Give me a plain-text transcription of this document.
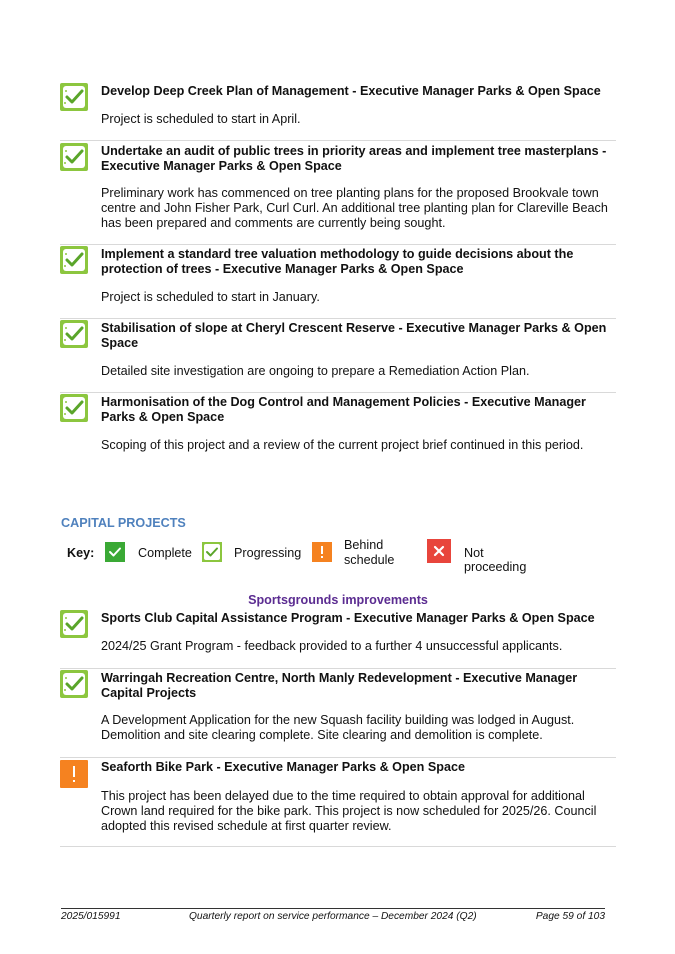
Develop Deep Creek Plan of Management - Executive Manager Parks & Open Space
Project is scheduled to start in April.
Undertake an audit of public trees in priority areas and implement tree masterplans - Executive Manager Parks & Open Space
Preliminary work has commenced on tree planting plans for the proposed Brookvale town centre and John Fisher Park, Curl Curl. An additional tree planting plan for Clareville Beach has been prepared and comments are currently being sought.
Implement a standard tree valuation methodology to guide decisions about the protection of trees - Executive Manager Parks & Open Space
Project is scheduled to start in January.
Stabilisation of slope at Cheryl Crescent Reserve - Executive Manager Parks & Open Space
Detailed site investigation are ongoing to prepare a Remediation Action Plan.
Harmonisation of the Dog Control and Management Policies - Executive Manager Parks & Open Space
Scoping of this project and a review of the current project brief continued in this period.
CAPITAL PROJECTS
Key:	Complete	Progressing
Behind
schedule	Not proceeding
Sportsgrounds improvements
Sports Club Capital Assistance Program - Executive Manager Parks & Open Space
2024/25 Grant Program - feedback provided to a further 4 unsuccessful applicants.
Warringah Recreation Centre, North Manly Redevelopment - Executive Manager Capital Projects
A Development Application for the new Squash facility building was lodged in August. Demolition and site clearing complete. Site clearing and demolition is complete.
Seaforth Bike Park - Executive Manager Parks & Open Space
This project has been delayed due to the time required to obtain approval for additional Crown land required for the bike park. This project is now scheduled for 2025/26. Council adopted this revised schedule at first quarter review.
2025/015991	Quarterly report on service performance – December 2024 (Q2)	Page 59 of 103
